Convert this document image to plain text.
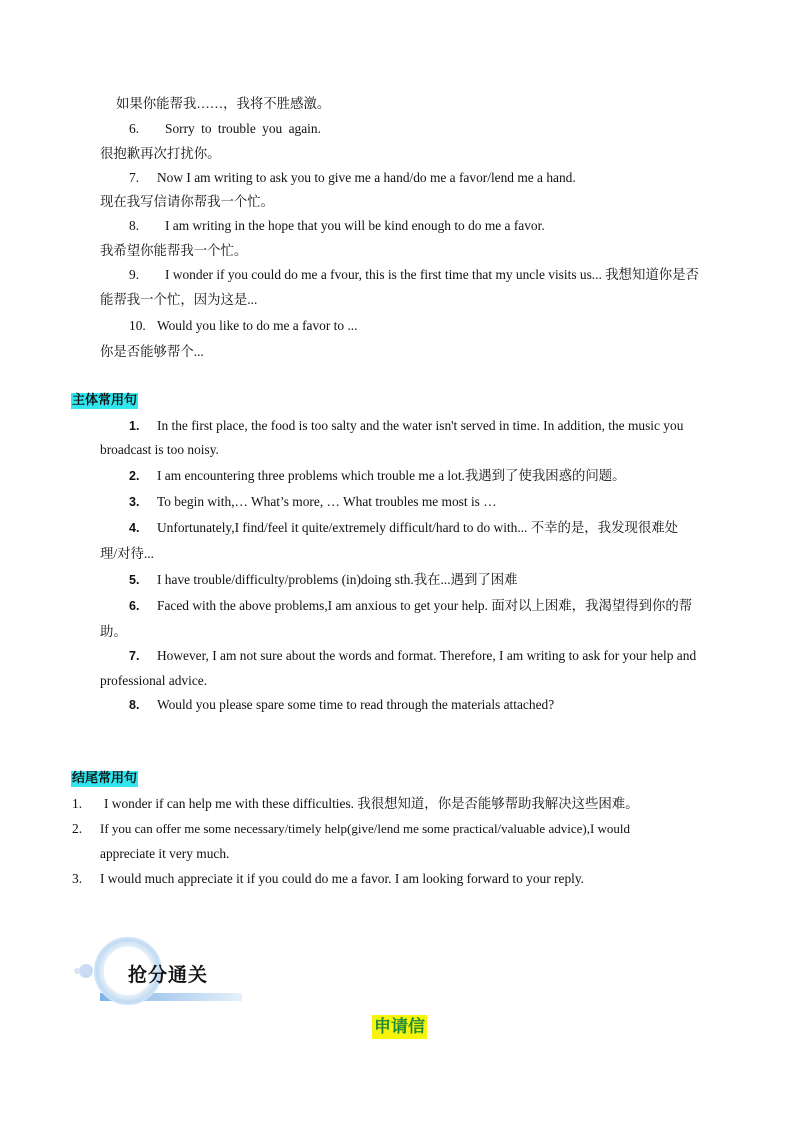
如果你能帮我……，我将不胜感激。
6. Sorry to trouble you again.
很抱歉再次打扰你。
7. Now I am writing to ask you to give me a hand/do me a favor/lend me a hand.
现在我写信请你帮我一个忙。
8. I am writing in the hope that you will be kind enough to do me a favor.
我希望你能帮我一个忙。
9. I wonder if you could do me a fvour, this is the first time that my uncle visits us... 我想知道你是否
能帮我一个忙，因为这是...
10. Would you like to do me a favor to ...
你是否能够帮个...
主体常用句
1. In the first place, the food is too salty and the water isn't served in time. In addition, the music you
broadcast is too noisy.
2. I am encountering three problems which trouble me a lot.我遇到了使我困惑的问题。
3. To begin with,… What’s more, … What troubles me most is …
4. Unfortunately,I find/feel it quite/extremely difficult/hard to do with... 不幸的是，我发现很难处
理/对待...
5. I have trouble/difficulty/problems (in)doing sth.我在...遇到了困难
6. Faced with the above problems,I am anxious to get your help. 面对以上困难，我渴望得到你的帮
助。
7. However, I am not sure about the words and format. Therefore, I am writing to ask for your help and
professional advice.
8. Would you please spare some time to read through the materials attached?
结尾常用句
1. I wonder if can help me with these difficulties. 我很想知道，你是否能够帮助我解决这些困难。
2. If you can offer me some necessary/timely help(give/lend me some practical/valuable advice),I would
appreciate it very much.
3. I would much appreciate it if you could do me a favor. I am looking forward to your reply.
抢分通关
申请信
